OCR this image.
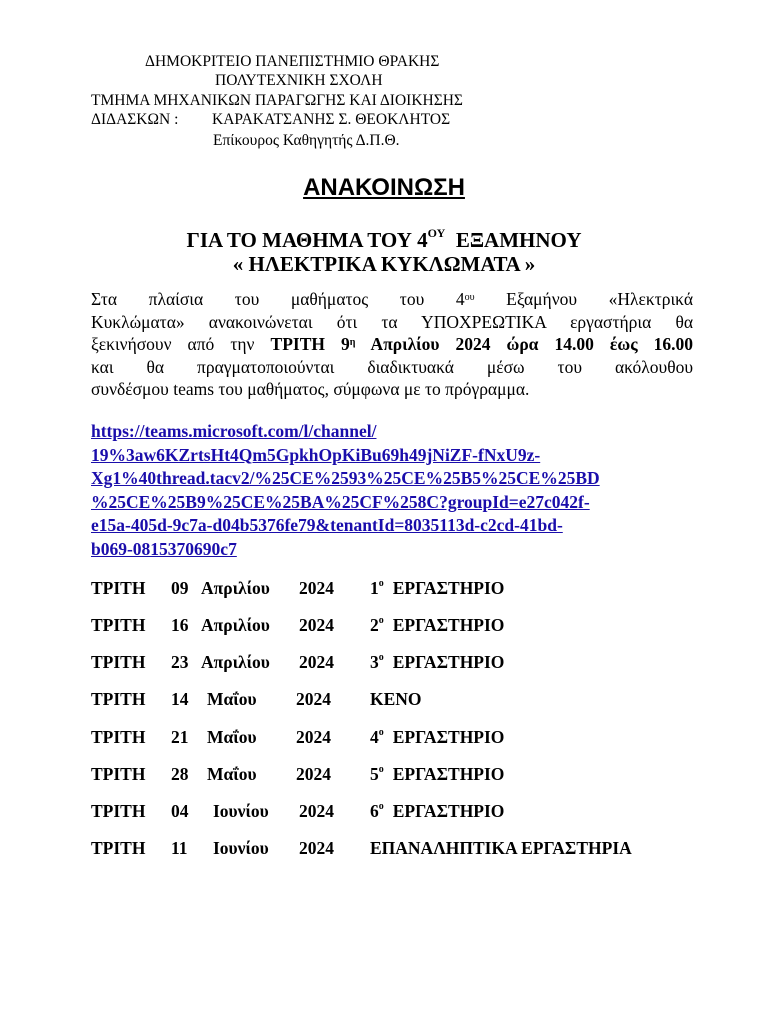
ΔΗΜΟΚΡΙΤΕΙΟ ΠΑΝΕΠΙΣΤΗΜΙΟ ΘΡΑΚΗΣ
ΠΟΛΥΤΕΧΝΙΚΗ ΣΧΟΛΗ
ΤΜΗΜΑ ΜΗΧΑΝΙΚΩΝ ΠΑΡΑΓΩΓΗΣ ΚΑΙ ΔΙΟΙΚΗΣΗΣ
ΔΙΔΑΣΚΩΝ : ΚΑΡΑΚΑΤΣΑΝΗΣ Σ. ΘΕΟΚΛΗΤΟΣ
Επίκουρος Καθηγητής Δ.Π.Θ.
ΑΝΑΚΟΙΝΩΣΗ
ΓΙΑ ΤΟ ΜΑΘΗΜΑ ΤΟΥ $4^{O\Upsilon}$ ΕΞΑΜΗΝΟΥ
« ΗΛΕΚΤΡΙΚΑ ΚΥΚΛΩΜΑΤΑ »
Στα πλαίσια του μαθήματος του $4^{o\upsilon}$ Εξαμήνου «Ηλεκτρικά
Κυκλώματα» ανακοινώνεται ότι τα ΥΠΟΧΡΕΩΤΙΚΑ εργαστήρια θα
ξεκινήσουν από την ΤΡΙΤΗ $9^\eta$ Απριλίου 2024 ώρα 14.00 έως 16.00
και θα πραγματοποιούνται διαδικτυακά μέσω του ακόλουθου
συνδέσμου teams του μαθήματος, σύμφωνα με το πρόγραμμα.
https://teams.microsoft.com/l/channel/
19%3aw6KZrtsHt4Qm5GpkhOpKiBu69h49jNiZF-fNxU9z-
Xg1%40thread.tacv2/%25CE%2593%25CE%25B5%25CE%25BD
%25CE%25B9%25CE%25BA%25CF%258C?groupId=e27c042f-
e15a-405d-9c7a-d04b5376fe79&tenantId=8035113d-c2cd-41bd-
b069-0815370690c7
ΤΡΙΤΗ 09 Απριλίου 2024 $1^o$ ΕΡΓΑΣΤΗΡΙΟ
ΤΡΙΤΗ 16 Απριλίου 2024 $2^o$ ΕΡΓΑΣΤΗΡΙΟ
ΤΡΙΤΗ 23 Απριλίου 2024 $3^o$ ΕΡΓΑΣΤΗΡΙΟ
ΤΡΙΤΗ 14 Μαΐου 2024 ΚΕΝΟ
ΤΡΙΤΗ 21 Μαΐου 2024 $4^o$ ΕΡΓΑΣΤΗΡΙΟ
ΤΡΙΤΗ 28 Μαΐου 2024 $5^o$ ΕΡΓΑΣΤΗΡΙΟ
ΤΡΙΤΗ 04 Ιουνίου 2024 $6^o$ ΕΡΓΑΣΤΗΡΙΟ
ΤΡΙΤΗ 11 Ιουνίου 2024 ΕΠΑΝΑΛΗΠΤΙΚΑ ΕΡΓΑΣΤΗΡΙΑ
